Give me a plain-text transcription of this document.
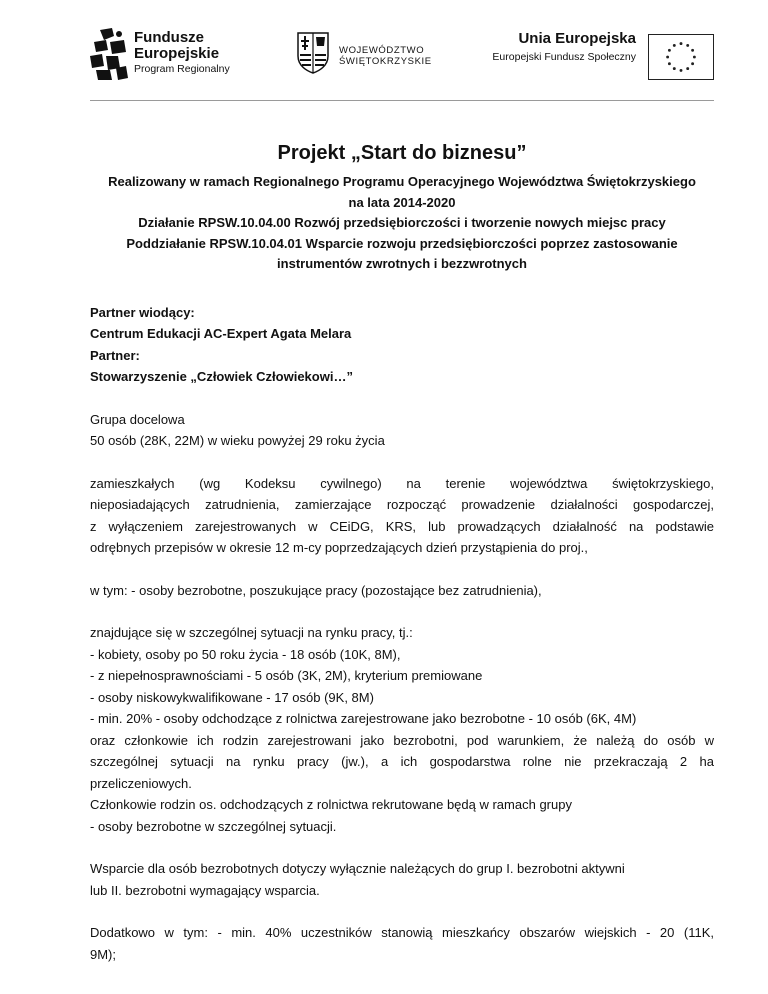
Fundusze
Europejskie
Program Regionalny
WOJEWÓDZTWO
ŚWIĘTOKRZYSKIE
Unia Europejska
Europejski Fundusz Społeczny
Projekt „Start do biznesu”
Realizowany w ramach Regionalnego Programu Operacyjnego Województwa Świętokrzyskiego
na lata 2014-2020
Działanie RPSW.10.04.00 Rozwój przedsiębiorczości i tworzenie nowych miejsc pracy
Poddziałanie RPSW.10.04.01 Wsparcie rozwoju przedsiębiorczości poprzez zastosowanie
instrumentów zwrotnych i bezzwrotnych
Partner wiodący:
Centrum Edukacji AC-Expert Agata Melara
Partner:
Stowarzyszenie „Człowiek Człowiekowi…”
Grupa docelowa
50 osób (28K, 22M) w wieku powyżej 29 roku życia
zamieszkałych (wg Kodeksu cywilnego) na terenie województwa świętokrzyskiego,
nieposiadających zatrudnienia, zamierzające rozpocząć prowadzenie działalności gospodarczej,
z wyłączeniem zarejestrowanych w CEiDG, KRS, lub prowadzących działalność na podstawie
odrębnych przepisów w okresie 12 m-cy poprzedzających dzień przystąpienia do proj.,
w tym: - osoby bezrobotne, poszukujące pracy (pozostające bez zatrudnienia),
znajdujące się w szczególnej sytuacji na rynku pracy, tj.:
- kobiety, osoby po 50 roku życia - 18 osób (10K, 8M),
- z niepełnosprawnościami - 5 osób (3K, 2M), kryterium premiowane
- osoby niskowykwalifikowane - 17 osób (9K, 8M)
- min. 20% - osoby odchodzące z rolnictwa zarejestrowane jako bezrobotne - 10 osób (6K, 4M)
oraz członkowie ich rodzin zarejestrowani jako bezrobotni, pod warunkiem, że należą do osób w
szczególnej sytuacji na rynku pracy (jw.), a ich gospodarstwa rolne nie przekraczają 2 ha
przeliczeniowych.
Członkowie rodzin os. odchodzących z rolnictwa rekrutowane będą w ramach grupy
- osoby bezrobotne w szczególnej sytuacji.
Wsparcie dla osób bezrobotnych dotyczy wyłącznie należących do grup I. bezrobotni aktywni
lub II. bezrobotni wymagający wsparcia.
Dodatkowo w tym: - min. 40% uczestników stanowią mieszkańcy obszarów wiejskich - 20 (11K,
9M);
